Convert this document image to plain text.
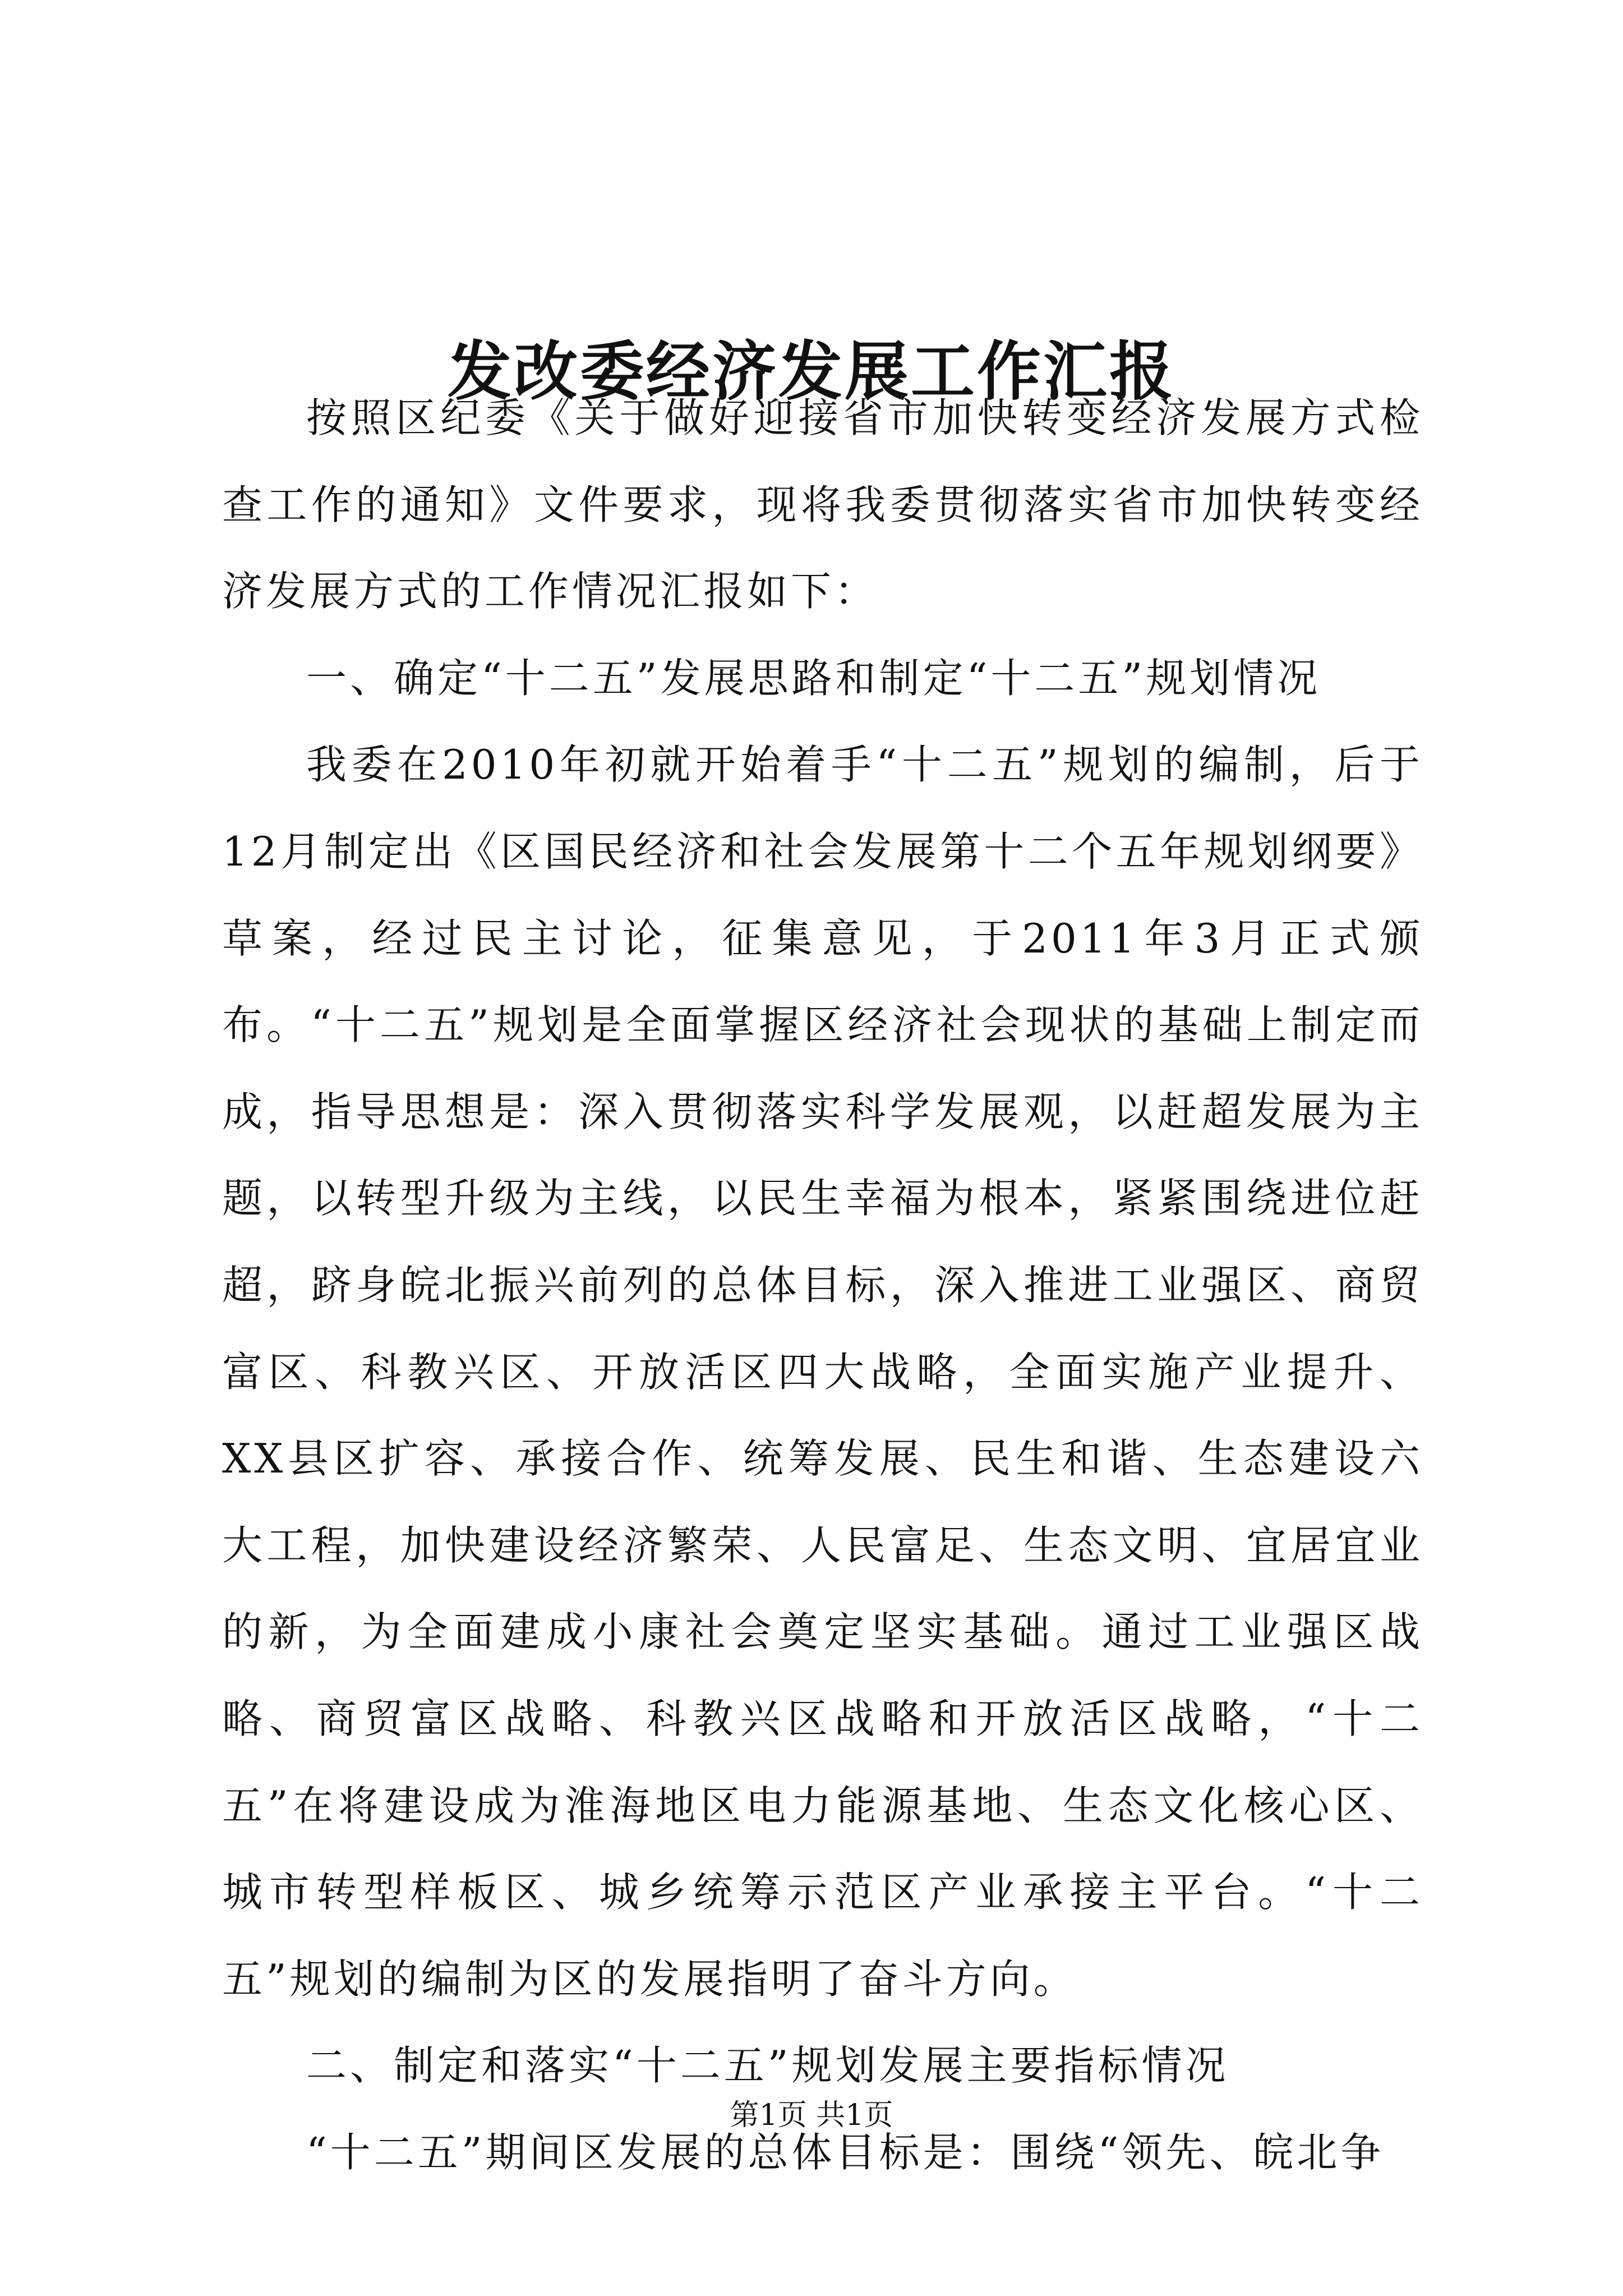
发改委经济发展工作汇报

按照区纪委《关于做好迎接省市加快转变经济发展方式检查工作的通知》文件要求，现将我委贯彻落实省市加快转变经济发展方式的工作情况汇报如下：

一、确定“十二五”发展思路和制定“十二五”规划情况

我委在2010年初就开始着手“十二五”规划的编制，后于12月制定出《区国民经济和社会发展第十二个五年规划纲要》草案，经过民主讨论，征集意见，于2011年3月正式颁布。“十二五”规划是全面掌握区经济社会现状的基础上制定而成，指导思想是：深入贯彻落实科学发展观，以赶超发展为主题，以转型升级为主线，以民生幸福为根本，紧紧围绕进位赶超，跻身皖北振兴前列的总体目标，深入推进工业强区、商贸富区、科教兴区、开放活区四大战略，全面实施产业提升、XX县区扩容、承接合作、统筹发展、民生和谐、生态建设六大工程，加快建设经济繁荣、人民富足、生态文明、宜居宜业的新，为全面建成小康社会奠定坚实基础。通过工业强区战略、商贸富区战略、科教兴区战略和开放活区战略，“十二五”在将建设成为淮海地区电力能源基地、生态文化核心区、城市转型样板区、城乡统筹示范区产业承接主平台。“十二五”规划的编制为区的发展指明了奋斗方向。

二、制定和落实“十二五”规划发展主要指标情况

“十二五”期间区发展的总体目标是：围绕“领先、皖北争

第1页 共1页
